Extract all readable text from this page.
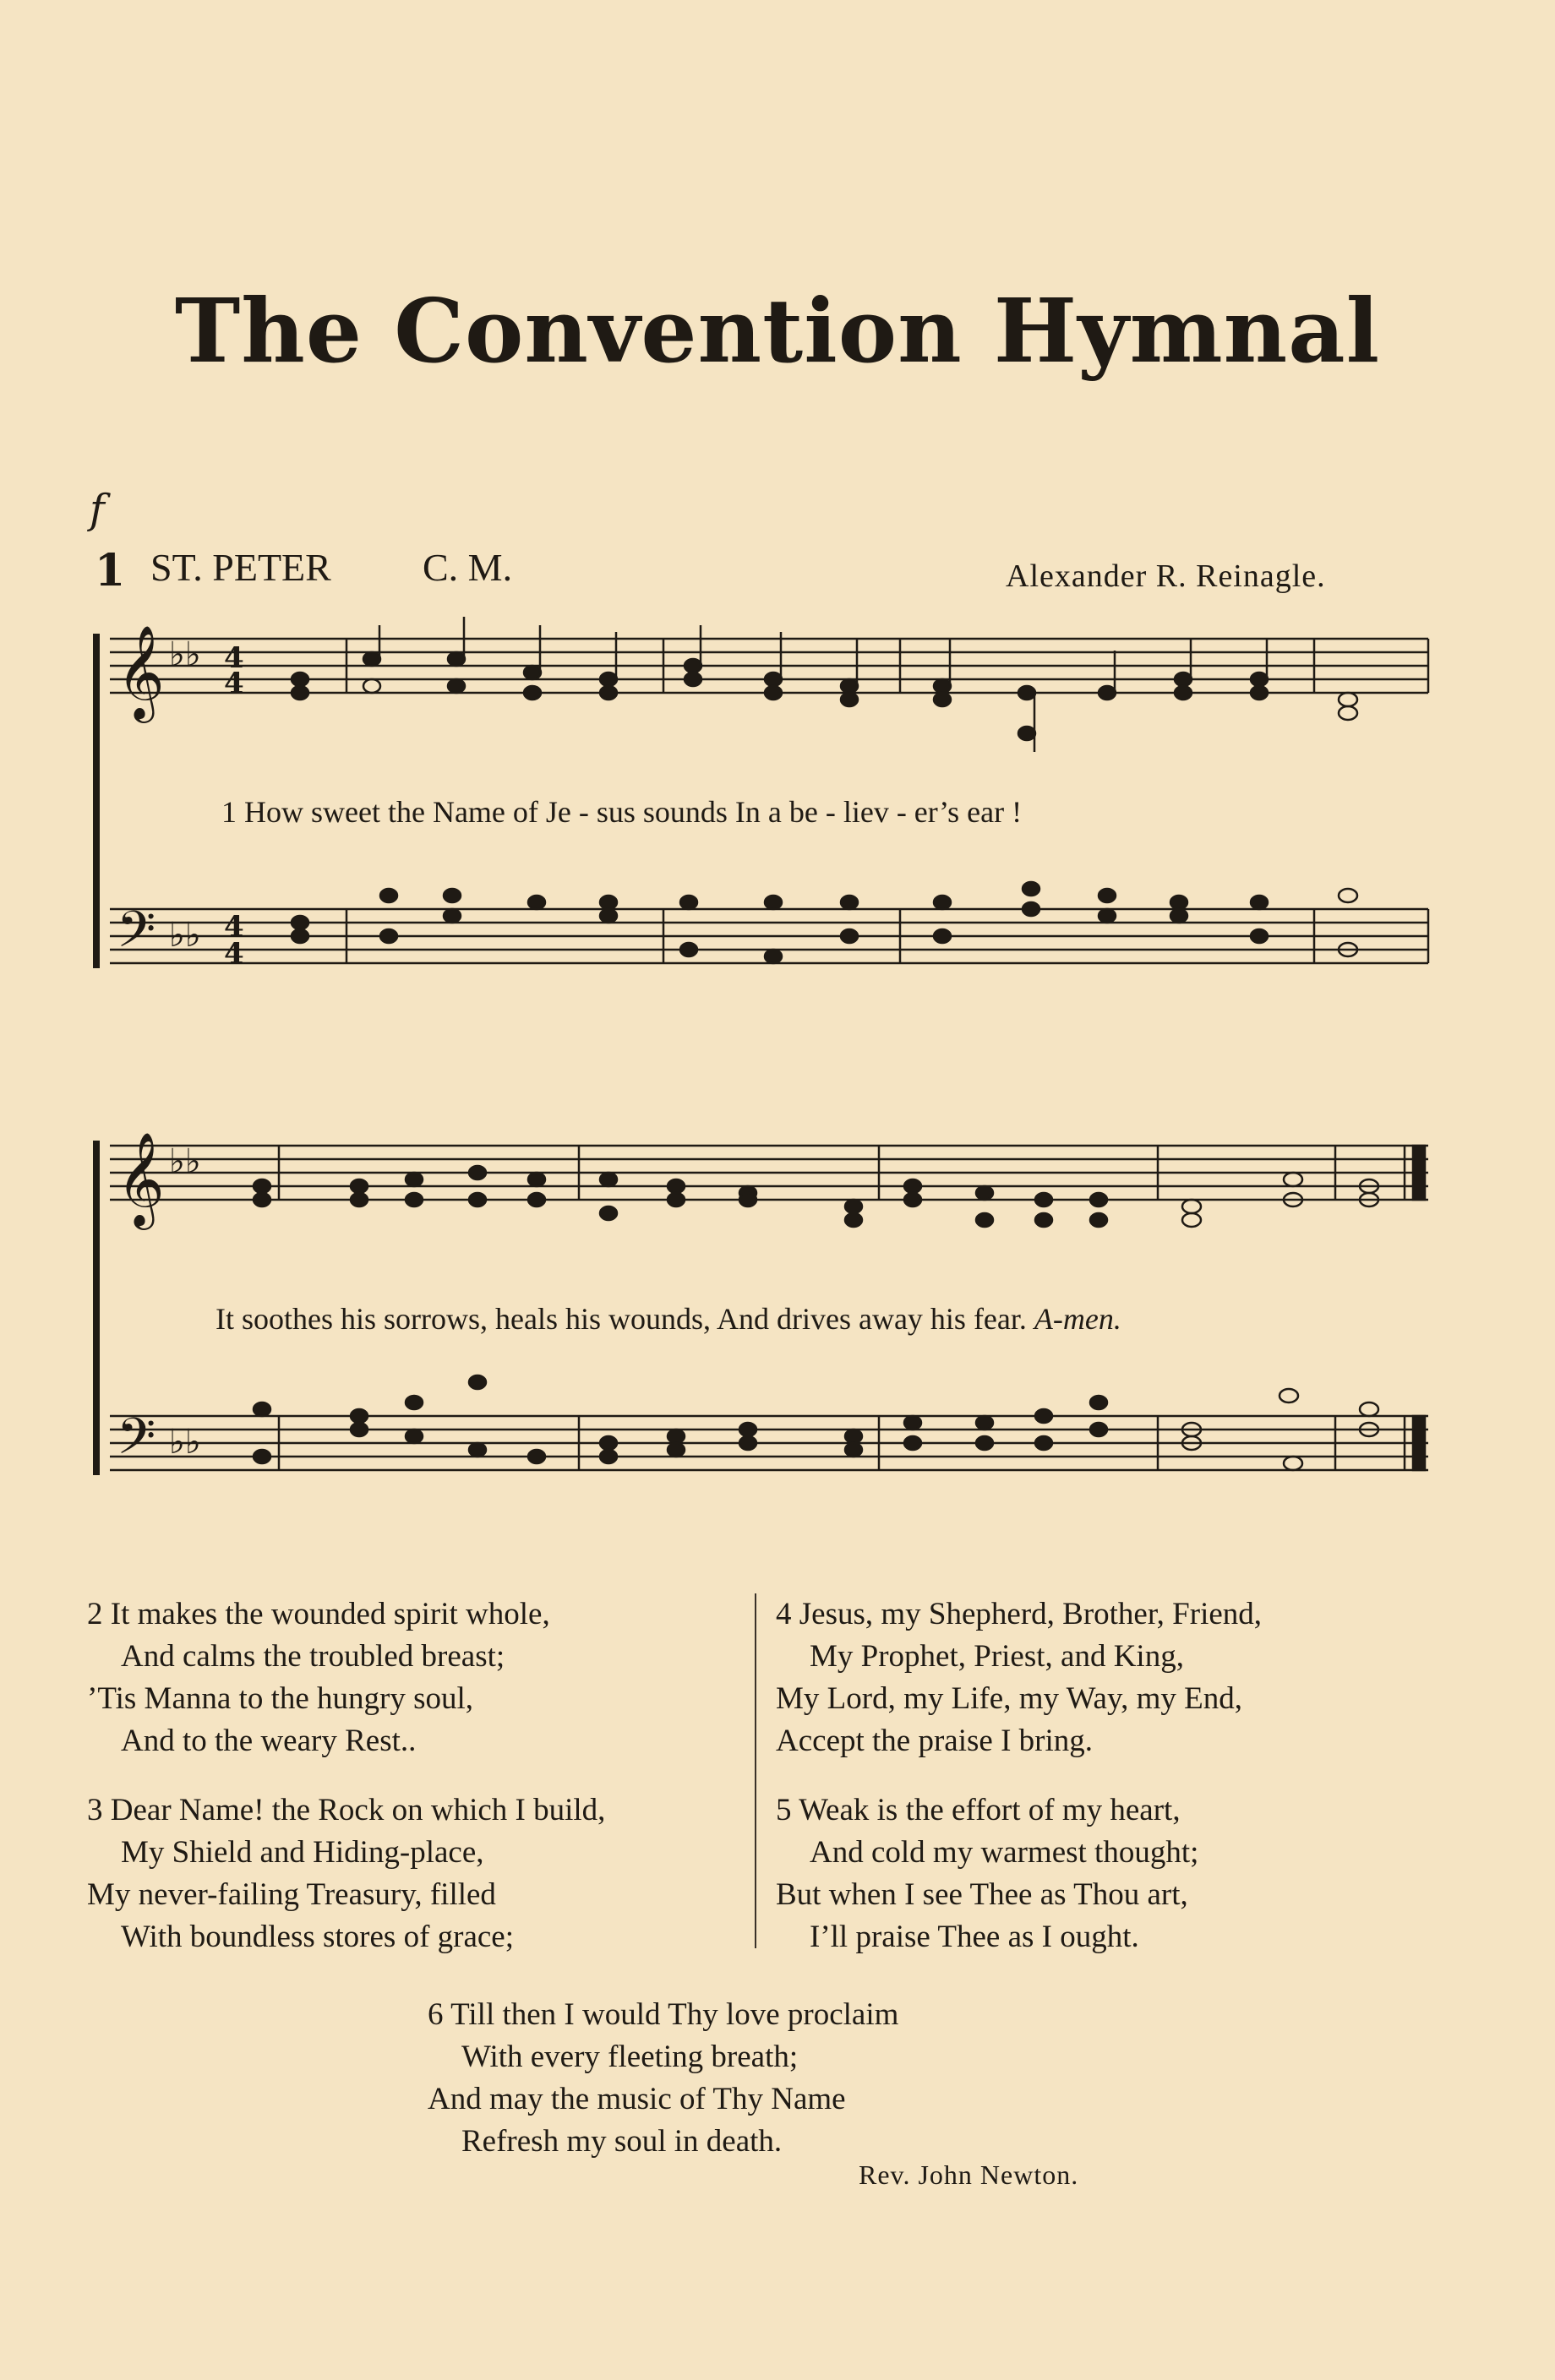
The Convention Hymnal
f
1 ST. PETER C. M.	Alexander R. Reinagle.
𝄞
𝄢
♭♭
♭♭
4
4
4
4
1 How sweet the Name of Je - sus sounds In a be - liev - er’s ear !
𝄞
𝄢
♭♭
♭♭
It soothes his sorrows, heals his wounds, And drives away his fear. A-men.
2 It makes the wounded spirit whole,
And calms the troubled breast;
’Tis Manna to the hungry soul,
And to the weary Rest..
3 Dear Name! the Rock on which I build,
My Shield and Hiding-place,
My never-failing Treasury, filled
With boundless stores of grace;
4 Jesus, my Shepherd, Brother, Friend,
My Prophet, Priest, and King,
My Lord, my Life, my Way, my End,
Accept the praise I bring.
5 Weak is the effort of my heart,
And cold my warmest thought;
But when I see Thee as Thou art,
I’ll praise Thee as I ought.
6 Till then I would Thy love proclaim
With every fleeting breath;
And may the music of Thy Name
Refresh my soul in death.
Rev. John Newton.
